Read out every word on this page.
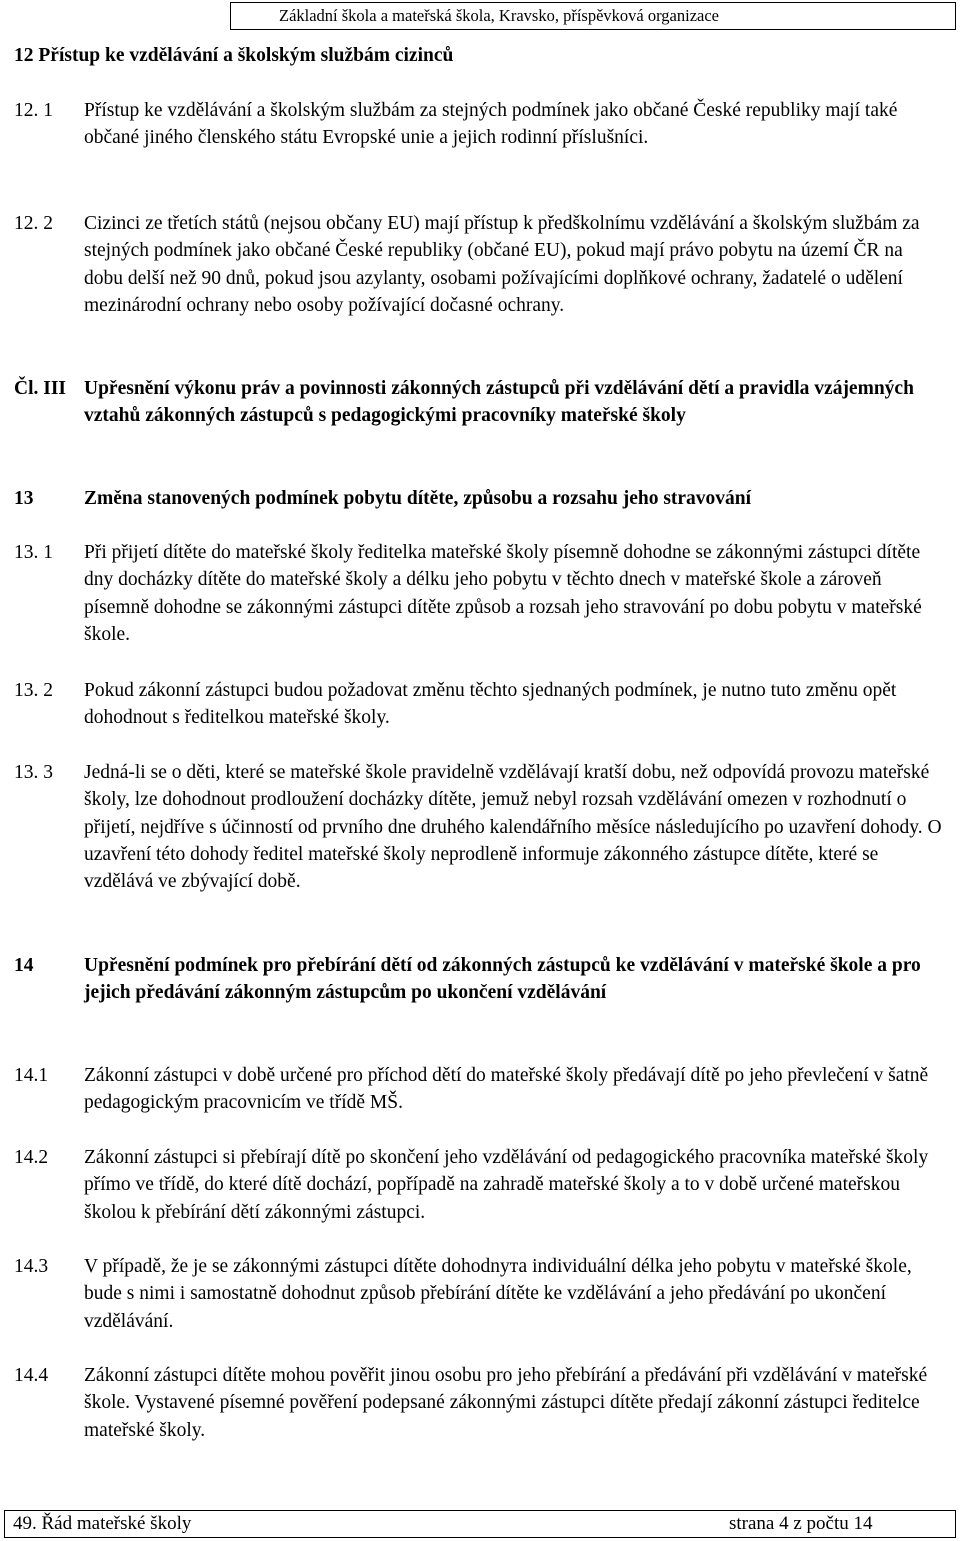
Základní škola a mateřská škola, Kravsko, příspěvková organizace
12 Přístup ke vzdělávání a školským službám cizinců
12. 1 Přístup ke vzdělávání a školským službám za stejných podmínek jako občané České republiky mají také občané jiného členského státu Evropské unie a jejich rodinní příslušníci.
12. 2 Cizinci ze třetích států (nejsou občany EU) mají přístup k předškolnímu vzdělávání a školským službám za stejných podmínek jako občané České republiky (občané EU), pokud mají právo pobytu na území ČR na dobu delší než 90 dnů, pokud jsou azylanty, osobami požívajícími doplňkové ochrany, žadatelé o udělení mezinárodní ochrany nebo osoby požívající dočasné ochrany.
Čl. III Upřesnění výkonu práv a povinnosti zákonných zástupců při vzdělávání dětí a pravidla vzájemných vztahů zákonných zástupců s pedagogickými pracovníky mateřské školy
13	Změna stanovených podmínek pobytu dítěte, způsobu a rozsahu jeho stravování
13. 1 Při přijetí dítěte do mateřské školy ředitelka mateřské školy písemně dohodne se zákonnými zástupci dítěte dny docházky dítěte do mateřské školy a délku jeho pobytu v těchto dnech v mateřské škole a zároveň písemně dohodne se zákonnými zástupci dítěte způsob a rozsah jeho stravování po dobu pobytu v mateřské škole.
13. 2 Pokud zákonní zástupci budou požadovat změnu těchto sjednaných podmínek, je nutno tuto změnu opět dohodnout s ředitelkou mateřské školy.
13. 3 Jedná-li se o děti, které se mateřské škole pravidelně vzdělávají kratší dobu, než odpovídá provozu mateřské školy, lze dohodnout prodloužení docházky dítěte, jemuž nebyl rozsah vzdělávání omezen v rozhodnutí o přijetí, nejdříve s účinností od prvního dne druhého kalendářního měsíce následujícího po uzavření dohody. O uzavření této dohody ředitel mateřské školy neprodleně informuje zákonného zástupce dítěte, které se vzdělává ve zbývající době.
14	Upřesnění podmínek pro přebírání dětí od zákonných zástupců ke vzdělávání v mateřské škole a pro jejich předávání zákonným zástupcům po ukončení vzdělávání
14.1 Zákonní zástupci v době určené pro příchod dětí do mateřské školy předávají dítě po jeho převlečení v šatně pedagogickým pracovnicím ve třídě MŠ.
14.2 Zákonní zástupci si přebírají dítě po skončení jeho vzdělávání od pedagogického pracovníka mateřské školy přímo ve třídě, do které dítě dochází, popřípadě na zahradě mateřské školy a to v době určené mateřskou školou k přebírání dětí zákonnými zástupci.
14.3 V případě, že je se zákonnými zástupci dítěte dohodnута individuální délka jeho pobytu v mateřské škole, bude s nimi i samostatně dohodnut způsob přebírání dítěte ke vzdělávání a jeho předávání po ukončení vzdělávání.
14.4 Zákonní zástupci dítěte mohou pověřit jinou osobu pro jeho přebírání a předávání při vzdělávání v mateřské škole. Vystavené písemné pověření podepsané zákonnými zástupci dítěte předají zákonní zástupci ředitelce mateřské školy.
49. Řád mateřské školy	strana 4 z počtu 14
